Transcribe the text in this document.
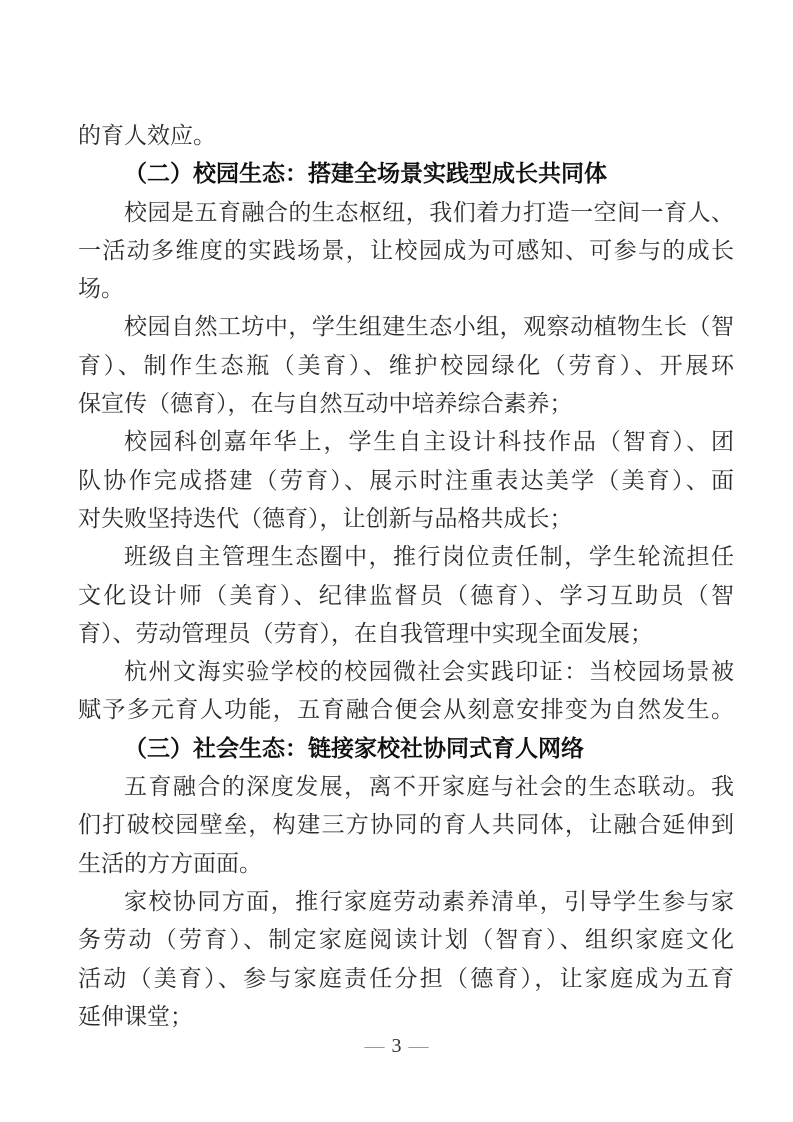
的育人效应。
（二）校园生态：搭建全场景实践型成长共同体
校园是五育融合的生态枢纽，我们着力打造一空间一育人、
一活动多维度的实践场景，让校园成为可感知、可参与的成长
场。
校园自然工坊中，学生组建生态小组，观察动植物生长（智
育）、制作生态瓶（美育）、维护校园绿化（劳育）、开展环
保宣传（德育），在与自然互动中培养综合素养；
校园科创嘉年华上，学生自主设计科技作品（智育）、团
队协作完成搭建（劳育）、展示时注重表达美学（美育）、面
对失败坚持迭代（德育），让创新与品格共成长；
班级自主管理生态圈中，推行岗位责任制，学生轮流担任
文化设计师（美育）、纪律监督员（德育）、学习互助员（智
育）、劳动管理员（劳育），在自我管理中实现全面发展；
杭州文海实验学校的校园微社会实践印证：当校园场景被
赋予多元育人功能，五育融合便会从刻意安排变为自然发生。
（三）社会生态：链接家校社协同式育人网络
五育融合的深度发展，离不开家庭与社会的生态联动。我
们打破校园壁垒，构建三方协同的育人共同体，让融合延伸到
生活的方方面面。
家校协同方面，推行家庭劳动素养清单，引导学生参与家
务劳动（劳育）、制定家庭阅读计划（智育）、组织家庭文化
活动（美育）、参与家庭责任分担（德育），让家庭成为五育
延伸课堂；
— 3 —
